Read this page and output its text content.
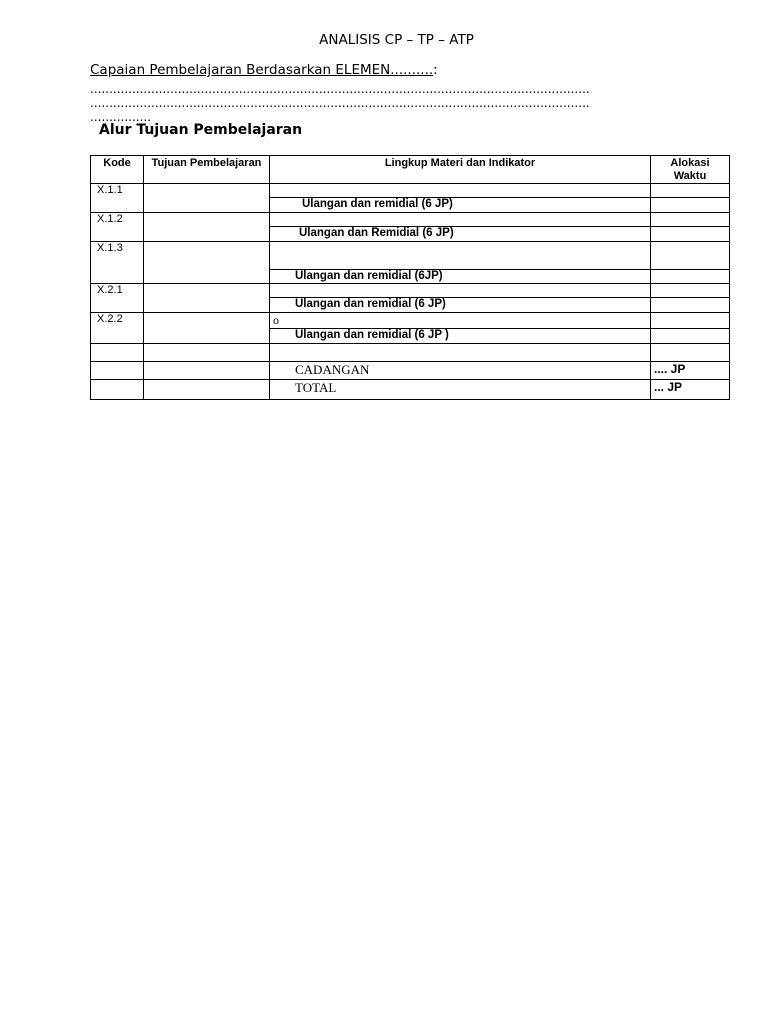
ANALISIS CP – TP – ATP
Capaian Pembelajaran Berdasarkan ELEMEN..........:
...................................................................................................................................
...................................................................................................................................
................
Alur Tujuan Pembelajaran
Kode	Tujuan Pembelajaran	Lingkup Materi dan Indikator	Alokasi Waktu
X.1.1			
		Ulangan dan remidial (6 JP)	
X.1.2			
		Ulangan dan Remidial (6 JP)	
X.1.3			
		Ulangan dan remidial (6JP)	
X.2.1			
		Ulangan dan remidial (6 JP)	
X.2.2		o	
		Ulangan dan remidial (6 JP )	

		CADANGAN	.... JP
		TOTAL	... JP
